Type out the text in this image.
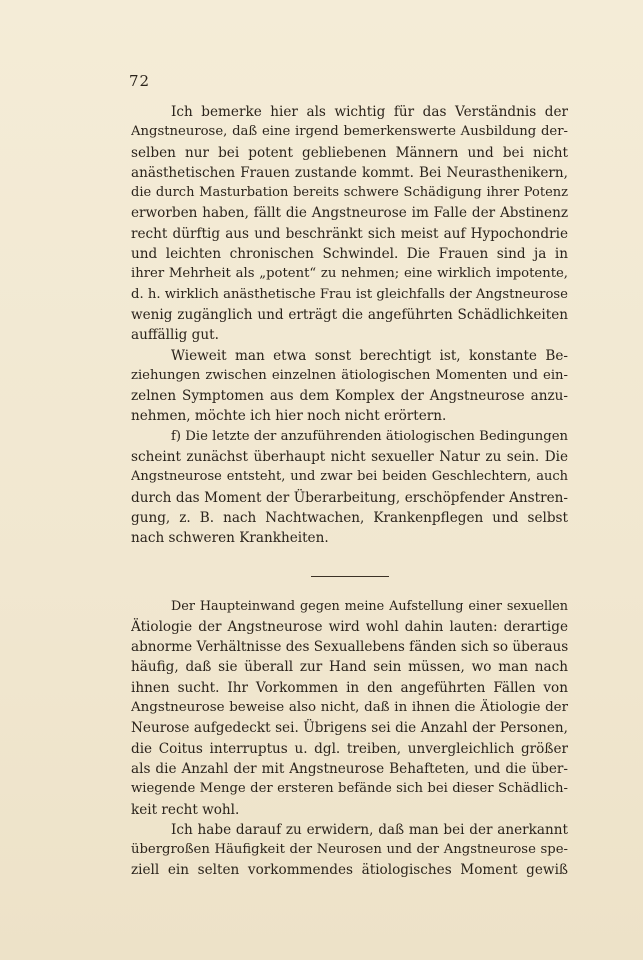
72
Ich bemerke hier als wichtig für das Verständnis der
Angstneurose, daß eine irgend bemerkenswerte Ausbildung der-
selben nur bei potent gebliebenen Männern und bei nicht
anästhetischen Frauen zustande kommt. Bei Neurasthenikern,
die durch Masturbation bereits schwere Schädigung ihrer Potenz
erworben haben, fällt die Angstneurose im Falle der Abstinenz
recht dürftig aus und beschränkt sich meist auf Hypochondrie
und leichten chronischen Schwindel. Die Frauen sind ja in
ihrer Mehrheit als „potent“ zu nehmen; eine wirklich impotente,
d. h. wirklich anästhetische Frau ist gleichfalls der Angstneurose
wenig zugänglich und erträgt die angeführten Schädlichkeiten
auffällig gut.
Wieweit man etwa sonst berechtigt ist, konstante Be-
ziehungen zwischen einzelnen ätiologischen Momenten und ein-
zelnen Symptomen aus dem Komplex der Angstneurose anzu-
nehmen, möchte ich hier noch nicht erörtern.
f) Die letzte der anzuführenden ätiologischen Bedingungen
scheint zunächst überhaupt nicht sexueller Natur zu sein. Die
Angstneurose entsteht, und zwar bei beiden Geschlechtern, auch
durch das Moment der Überarbeitung, erschöpfender Anstren-
gung, z. B. nach Nachtwachen, Krankenpflegen und selbst
nach schweren Krankheiten.
Der Haupteinwand gegen meine Aufstellung einer sexuellen
Ätiologie der Angstneurose wird wohl dahin lauten: derartige
abnorme Verhältnisse des Sexuallebens fänden sich so überaus
häufig, daß sie überall zur Hand sein müssen, wo man nach
ihnen sucht. Ihr Vorkommen in den angeführten Fällen von
Angstneurose beweise also nicht, daß in ihnen die Ätiologie der
Neurose aufgedeckt sei. Übrigens sei die Anzahl der Personen,
die Coitus interruptus u. dgl. treiben, unvergleichlich größer
als die Anzahl der mit Angstneurose Behafteten, und die über-
wiegende Menge der ersteren befände sich bei dieser Schädlich-
keit recht wohl.
Ich habe darauf zu erwidern, daß man bei der anerkannt
übergroßen Häufigkeit der Neurosen und der Angstneurose spe-
ziell ein selten vorkommendes ätiologisches Moment gewiß
